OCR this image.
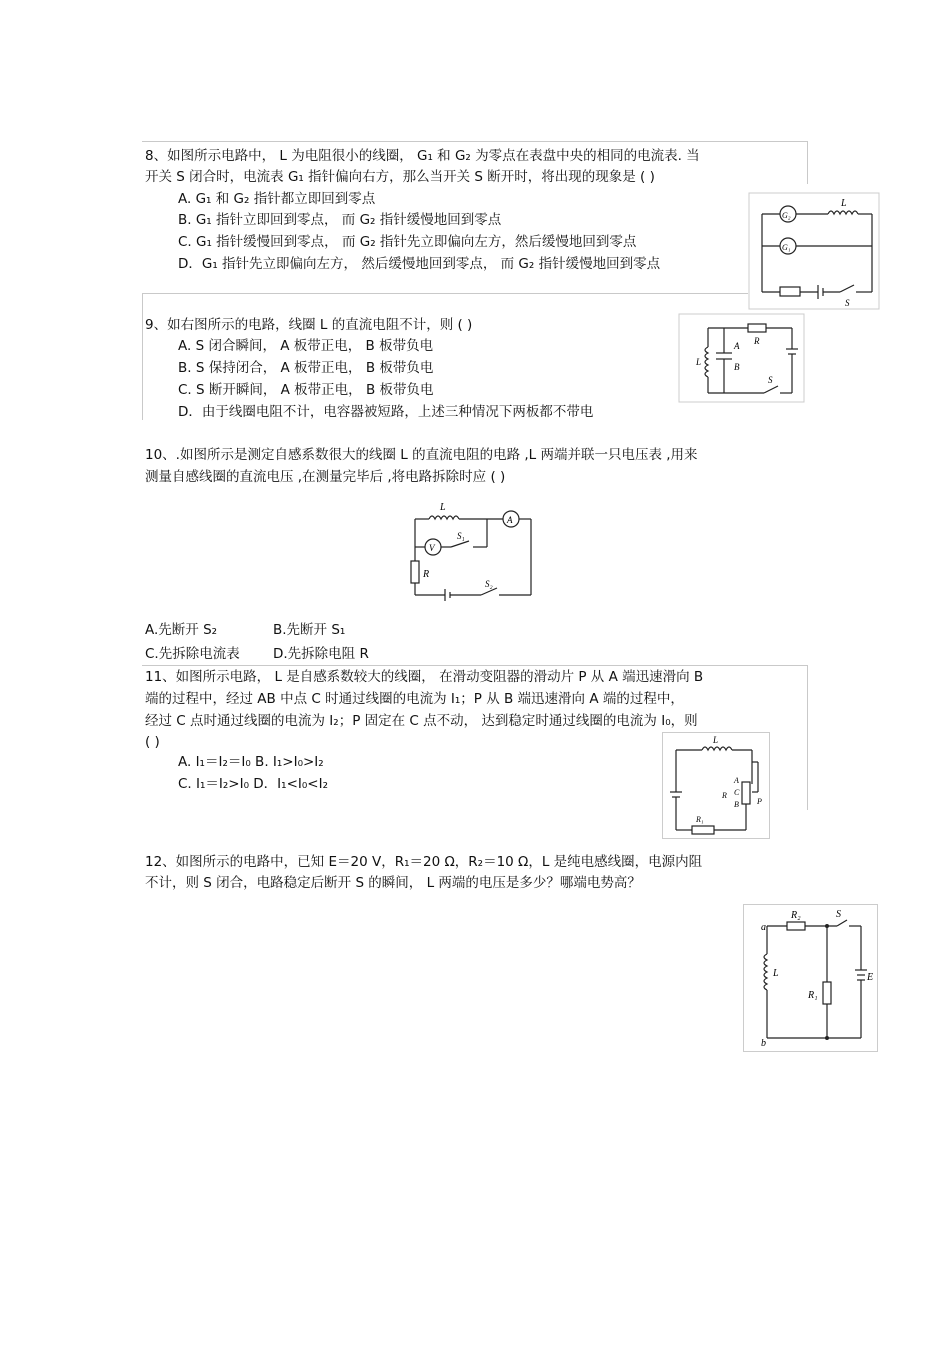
8、如图所示电路中， L 为电阻很小的线圈， G₁ 和 G₂ 为零点在表盘中央的相同的电流表. 当
开关 S 闭合时，电流表 G₁ 指针偏向右方，那么当开关 S 断开时，将出现的现象是 ( )
A. G₁ 和 G₂ 指针都立即回到零点
B. G₁ 指针立即回到零点， 而 G₂ 指针缓慢地回到零点
C. G₁ 指针缓慢回到零点， 而 G₂ 指针先立即偏向左方，然后缓慢地回到零点
D．G₁ 指针先立即偏向左方， 然后缓慢地回到零点， 而 G₂ 指针缓慢地回到零点
G₂
G₁
L
S
9、如右图所示的电路，线圈 L 的直流电阻不计，则 ( )
A. S 闭合瞬间， A 板带正电， B 板带负电
B. S 保持闭合， A 板带正电， B 板带负电
C. S 断开瞬间， A 板带正电， B 板带负电
D．由于线圈电阻不计，电容器被短路，上述三种情况下两板都不带电
A
B
R
L
S
10、.如图所示是测定自感系数很大的线圈 L 的直流电阻的电路 ,L 两端并联一只电压表 ,用来
测量自感线圈的直流电压 ,在测量完毕后 ,将电路拆除时应 ( )
L
A
V
S₁
R
S₂
A.先断开 S₂	B.先断开 S₁
C.先拆除电流表 D.先拆除电阻 R
11、如图所示电路， L 是自感系数较大的线圈， 在滑动变阻器的滑动片 P 从 A 端迅速滑向 B
端的过程中，经过 AB 中点 C 时通过线圈的电流为 I₁；P 从 B 端迅速滑向 A 端的过程中，
经过 C 点时通过线圈的电流为 I₂；P 固定在 C 点不动， 达到稳定时通过线圈的电流为 I₀，则
( )
A. I₁＝I₂＝I₀ B. I₁>I₀>I₂
C. I₁＝I₂>I₀ D．I₁<I₀<I₂
L
A
C
B P
R
R₁
12、如图所示的电路中，已知 E＝20 V，R₁＝20 Ω，R₂＝10 Ω，L 是纯电感线圈，电源内阻
不计，则 S 闭合，电路稳定后断开 S 的瞬间， L 两端的电压是多少？哪端电势高？
a
R₂	S
L
R₁
E
b
